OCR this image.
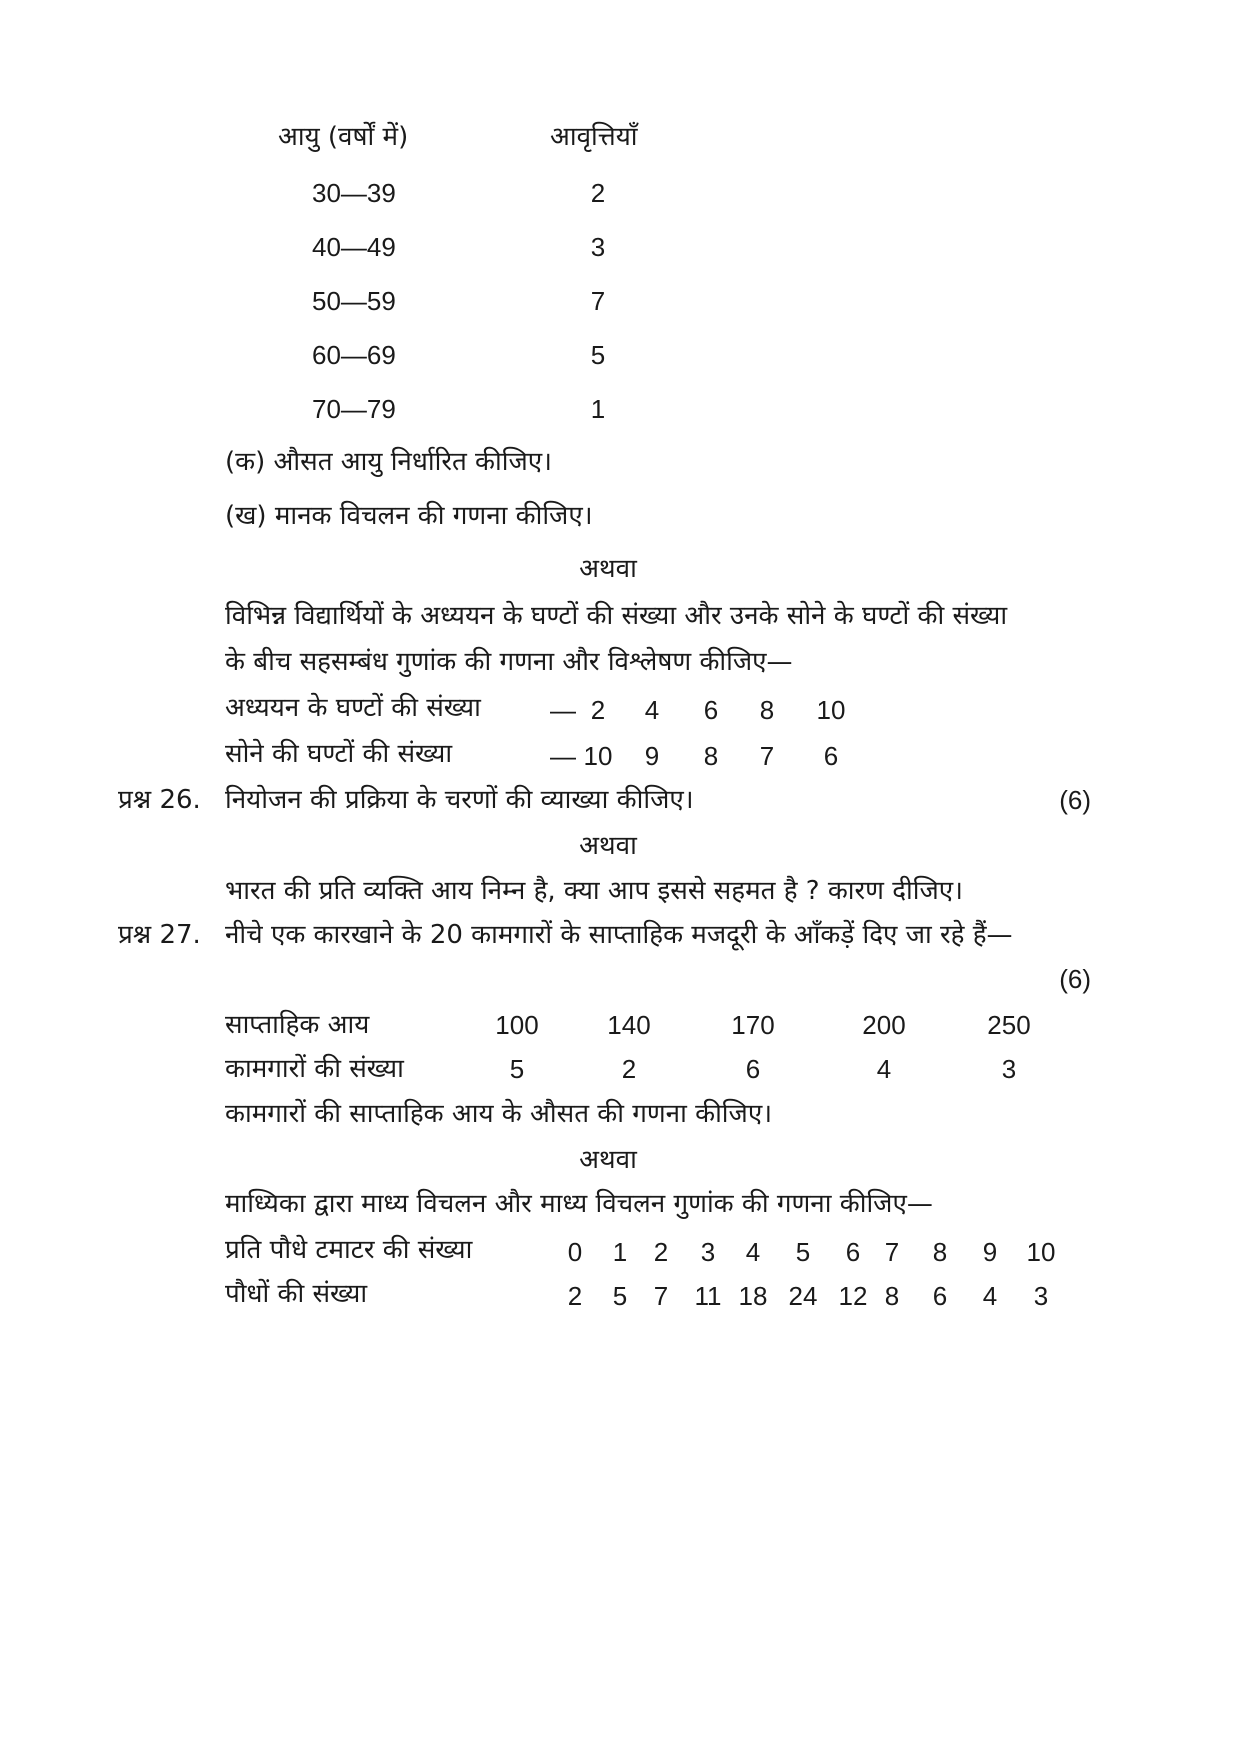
आयु (वर्षों में)	आवृत्तियाँ
30—39	2
40—49	3
50—59	7
60—69	5
70—79	1
(क) औसत आयु निर्धारित कीजिए।
(ख) मानक विचलन की गणना कीजिए।
अथवा
विभिन्न विद्यार्थियों के अध्ययन के घण्टों की संख्या और उनके सोने के घण्टों की संख्या
के बीच सहसम्बंध गुणांक की गणना और विश्लेषण कीजिए—
अध्ययन के घण्टों की संख्या	— 2 4 6 8 10
सोने की घण्टों की संख्या	— 10 9 8 7 6
प्रश्न 26. नियोजन की प्रक्रिया के चरणों की व्याख्या कीजिए।	(6)
अथवा
भारत की प्रति व्यक्ति आय निम्न है, क्या आप इससे सहमत है ? कारण दीजिए।
प्रश्न 27. नीचे एक कारखाने के 20 कामगारों के साप्ताहिक मजदूरी के आँकड़ें दिए जा रहे हैं—
(6)
साप्ताहिक आय	100	140	170	200	250
कामगारों की संख्या	5	2	6	4	3
कामगारों की साप्ताहिक आय के औसत की गणना कीजिए।
अथवा
माध्यिका द्वारा माध्य विचलन और माध्य विचलन गुणांक की गणना कीजिए—
प्रति पौधे टमाटर की संख्या	0 1 2 3 4 5 6 7 8 9 10
पौधों की संख्या	2 5 7 11 18 24 12 8 6 4 3
